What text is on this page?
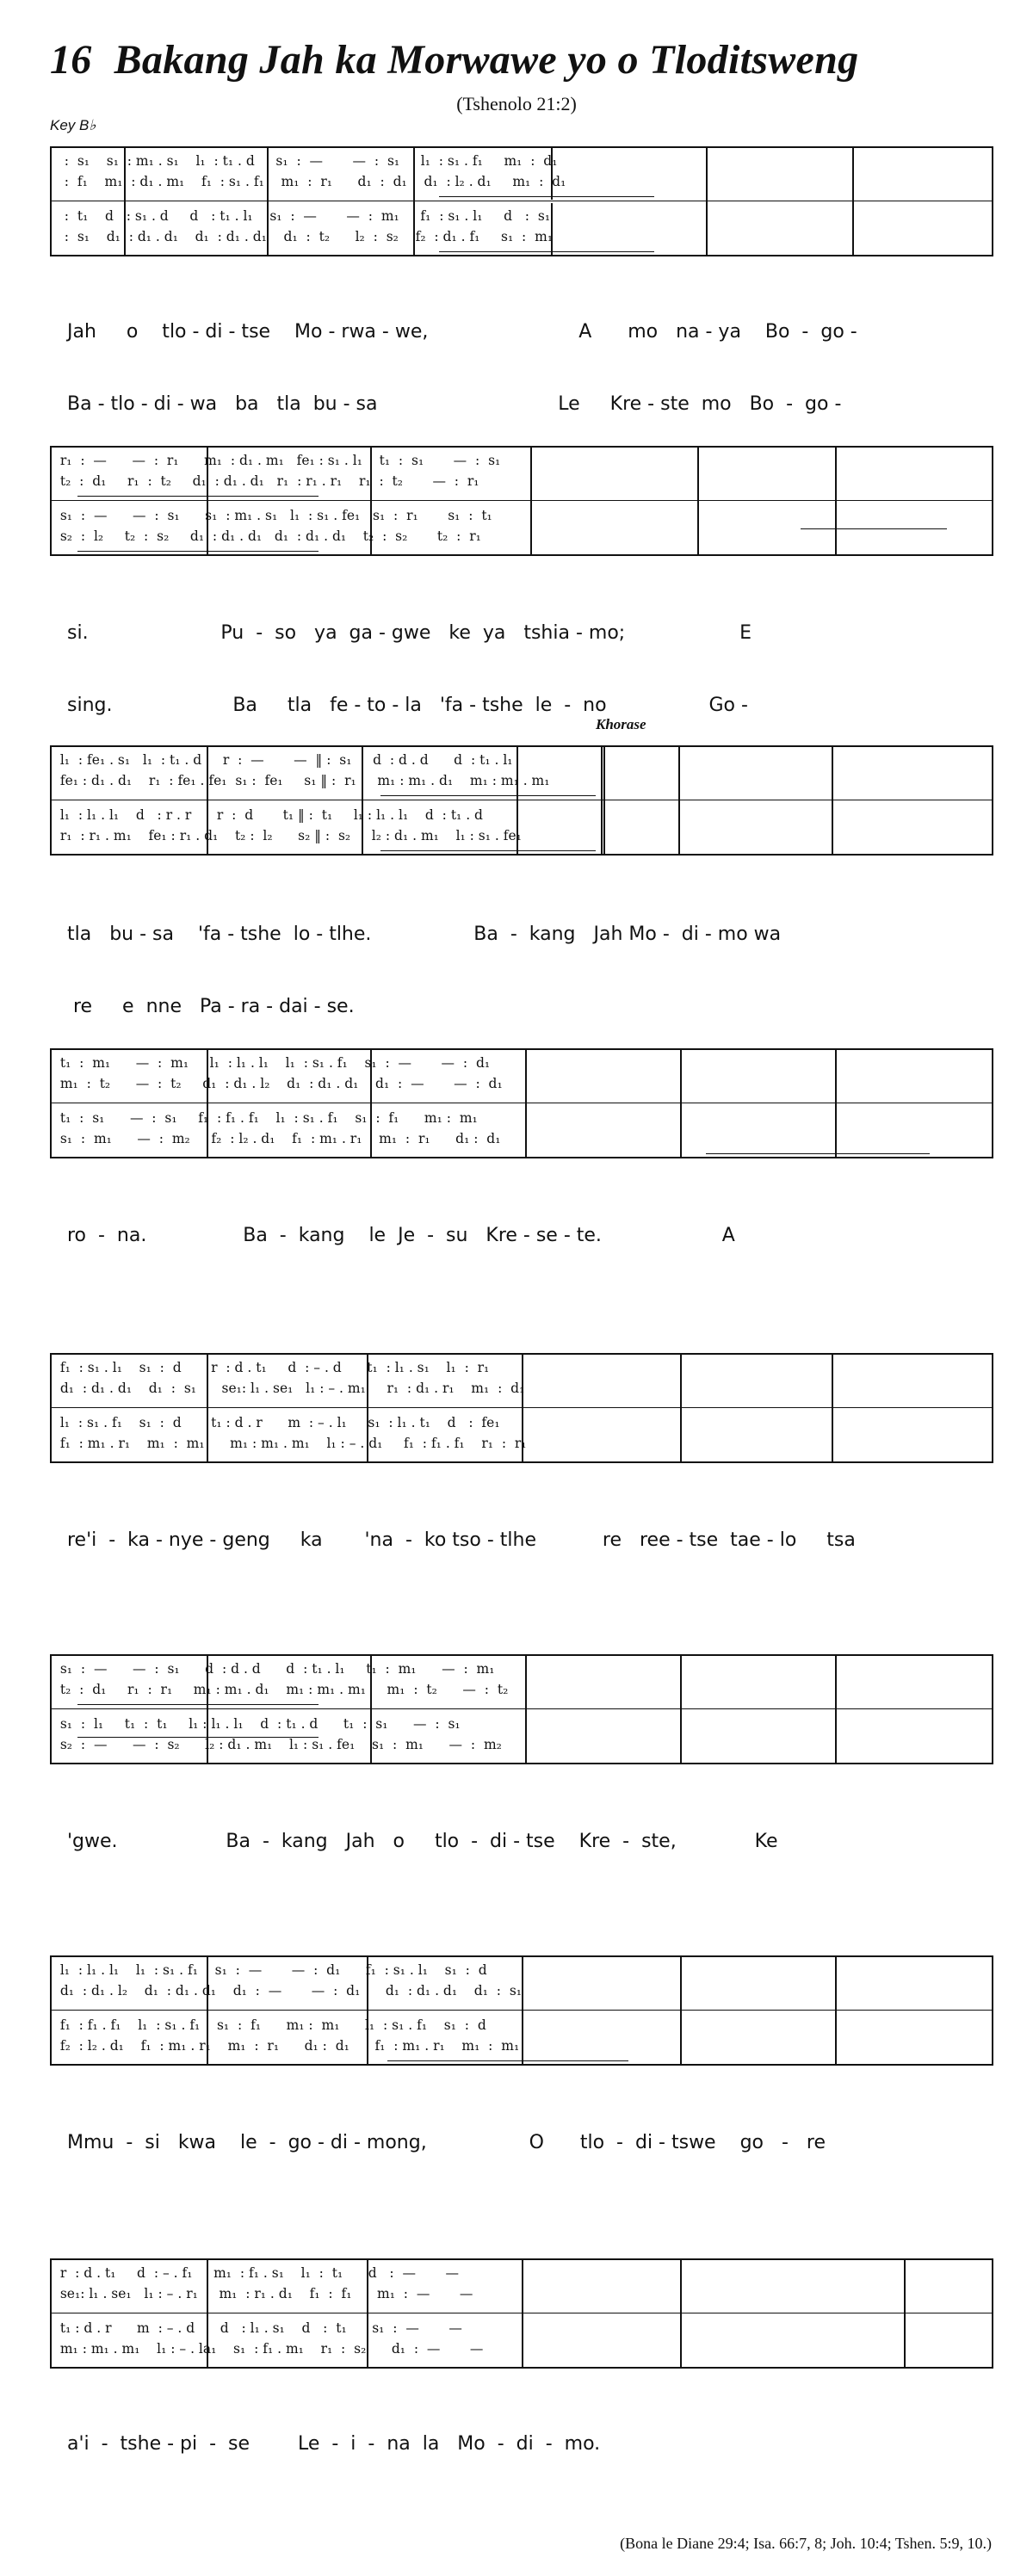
16 Bakang Jah ka Morwawe yo o Tloditsweng
(Tshenolo 21:2)
Key B♭
Khorase
:  s₁    s₁  : m₁ . s₁    l₁  : t₁ . d     s₁  :  —       —  :  s₁     l₁  : s₁ . f₁     m₁  :  d₁
:  f₁    m₁  : d₁ . m₁    f₁  : s₁ . f₁    m₁  :  r₁      d₁  :  d₁    d₁  : l₂ . d₁     m₁  :  d₁
:  t₁    d   : s₁ . d     d   : t₁ . l₁    s₁  :  —       —  :  m₁     f₁  : s₁ . l₁     d   :  s₁
:  s₁    d₁  : d₁ . d₁    d₁  : d₁ . d₁    d₁  :  t₂      l₂  :  s₂    f₂  : d₁ . f₁     s₁  :  m₁

Jah     o    tlo - di - tse    Mo - rwa - we,                         A      mo   na - ya    Bo  -  go -

Ba - tlo - di - wa   ba   tla  bu - sa                              Le     Kre - ste  mo   Bo  -  go -

r₁  :  —      —  :  r₁      m₁  : d₁ . m₁   fe₁ : s₁ . l₁    t₁  :  s₁       —  :  s₁
t₂  :  d₁     r₁  :  t₂     d₁  : d₁ . d₁   r₁  : r₁ . r₁    r₁  :  t₂       —  :  r₁
s₁  :  —      —  :  s₁      s₁  : m₁ . s₁   l₁  : s₁ . fe₁   s₁  :  r₁       s₁  :  t₁
s₂  :  l₂     t₂  :  s₂     d₁  : d₁ . d₁   d₁  : d₁ . d₁    t₂  :  s₂       t₂  :  r₁

si.                      Pu  -  so   ya  ga - gwe   ke  ya   tshia - mo;                   E

sing.                    Ba     tla   fe - to - la   'fa - tshe  le  -  no                 Go -

l₁  : fe₁ . s₁   l₁  : t₁ . d     r  :  —       —  ‖ :  s₁     d  : d . d      d  : t₁ . l₁
fe₁ : d₁ . d₁    r₁  : fe₁ . fe₁  s₁ :  fe₁     s₁ ‖ :  r₁     m₁ : m₁ . d₁    m₁ : m₁ . m₁
l₁  : l₁ . l₁    d   : r . r      r  :  d       t₁ ‖ :  t₁     l₁ : l₁ . l₁    d  : t₁ . d
r₁  : r₁ . m₁    fe₁ : r₁ . d₁    t₂ :  l₂      s₂ ‖ :  s₂     l₂ : d₁ . m₁    l₁ : s₁ . fe₁

tla   bu - sa    'fa - tshe  lo - tlhe.                 Ba  -  kang   Jah Mo -  di - mo wa

re     e  nne   Pa - ra - dai - se.

t₁  :  m₁      —  :  m₁     l₁  : l₁ . l₁    l₁  : s₁ . f₁    s₁  :  —       —  :  d₁
m₁  :  t₂      —  :  t₂     d₁  : d₁ . l₂    d₁  : d₁ . d₁    d₁  :  —       —  :  d₁
t₁  :  s₁      —  :  s₁     f₁  : f₁ . f₁    l₁  : s₁ . f₁    s₁  :  f₁      m₁ :  m₁
s₁  :  m₁      —  :  m₂     f₂  : l₂ . d₁    f₁  : m₁ . r₁    m₁  :  r₁      d₁ :  d₁

ro  -  na.                Ba  -  kang    le  Je  -  su   Kre - se - te.                    A

f₁  : s₁ . l₁    s₁  :  d       r  : d . t₁     d  : – . d      t₁  : l₁ . s₁    l₁  :  r₁
d₁  : d₁ . d₁    d₁  :  s₁      se₁: l₁ . se₁   l₁ : – . m₁     r₁  : d₁ . r₁    m₁  :  d₁
l₁  : s₁ . f₁    s₁  :  d       t₁ : d . r      m  : – . l₁     s₁  : l₁ . t₁    d   :  fe₁
f₁  : m₁ . r₁    m₁  :  m₁      m₁ : m₁ . m₁    l₁ : – . d₁     f₁  : f₁ . f₁    r₁  :  r₁

re'i  -  ka - nye - geng     ka       'na  -  ko tso - tlhe           re   ree - tse  tae - lo     tsa

s₁  :  —      —  :  s₁      d  : d . d      d  : t₁ . l₁     t₁  :  m₁      —  :  m₁
t₂  :  d₁     r₁  :  r₁     m₁ : m₁ . d₁    m₁ : m₁ . m₁     m₁  :  t₂      —  :  t₂
s₁  :  l₁     t₁  :  t₁     l₁ : l₁ . l₁    d  : t₁ . d      t₁  :  s₁      —  :  s₁
s₂  :  —      —  :  s₂      l₂ : d₁ . m₁    l₁ : s₁ . fe₁    s₁  :  m₁      —  :  m₂

'gwe.                  Ba  -  kang   Jah   o     tlo  -  di - tse    Kre  -  ste,             Ke

l₁  : l₁ . l₁    l₁  : s₁ . f₁    s₁  :  —       —  :  d₁      f₁  : s₁ . l₁    s₁  :  d
d₁  : d₁ . l₂    d₁  : d₁ . d₁    d₁  :  —       —  :  d₁      d₁  : d₁ . d₁    d₁  :  s₁
f₁  : f₁ . f₁    l₁  : s₁ . f₁    s₁  :  f₁      m₁ :  m₁      l₁  : s₁ . f₁    s₁  :  d
f₂  : l₂ . d₁    f₁  : m₁ . r₁    m₁  :  r₁      d₁ :  d₁      f₁  : m₁ . r₁    m₁  :  m₁

Mmu  -  si   kwa    le  -  go - di - mong,                 O      tlo  -  di - tswe    go   -   re

r  : d . t₁     d  : – . f₁     m₁  : f₁ . s₁    l₁  :  t₁      d   :  —       —
se₁: l₁ . se₁   l₁ : – . r₁     m₁  : r₁ . d₁    f₁  :  f₁      m₁  :  —       —
t₁ : d . r      m  : – . d      d   : l₁ . s₁    d   :  t₁      s₁  :  —       —
m₁ : m₁ . m₁    l₁ : – . la₁    s₁  : f₁ . m₁    r₁  :  s₂      d₁  :  —       —

a'i  -  tshe - pi  -  se        Le  -  i  -  na  la   Mo  -  di  -  mo.

(Bona le Diane 29:4; Isa. 66:7, 8; Joh. 10:4; Tshen. 5:9, 10.)
